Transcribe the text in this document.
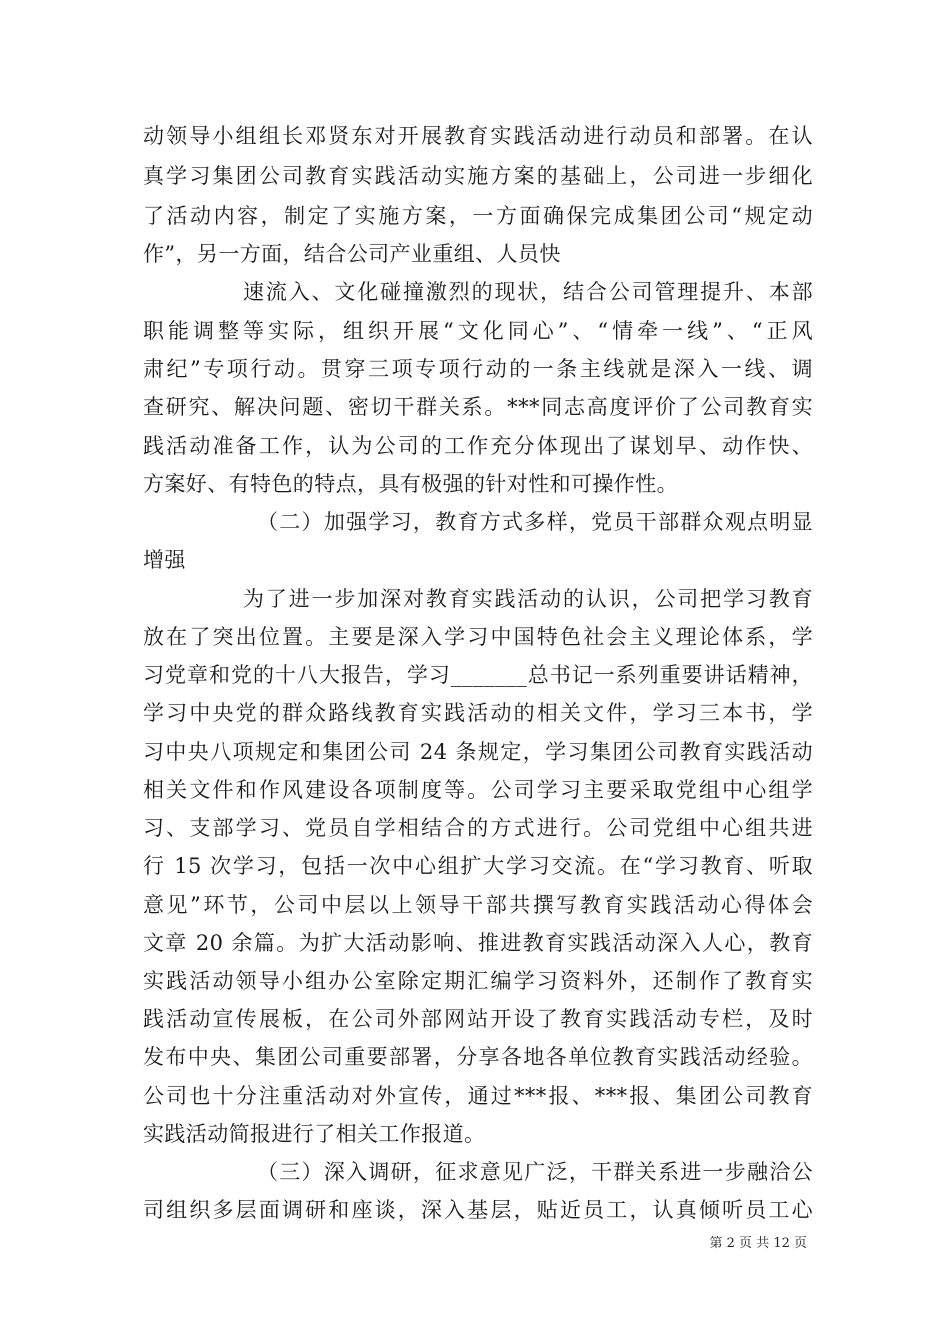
动领导小组组长邓贤东对开展教育实践活动进行动员和部署。在认
真学习集团公司教育实践活动实施方案的基础上，公司进一步细化
了活动内容，制定了实施方案，一方面确保完成集团公司“规定动
作”，另一方面，结合公司产业重组、人员快
速流入、文化碰撞激烈的现状，结合公司管理提升、本部
职能调整等实际，组织开展“文化同心”、“情牵一线”、“正风
肃纪”专项行动。贯穿三项专项行动的一条主线就是深入一线、调
查研究、解决问题、密切干群关系。***同志高度评价了公司教育实
践活动准备工作，认为公司的工作充分体现出了谋划早、动作快、
方案好、有特色的特点，具有极强的针对性和可操作性。
（二）加强学习，教育方式多样，党员干部群众观点明显
增强
为了进一步加深对教育实践活动的认识，公司把学习教育
放在了突出位置。主要是深入学习中国特色社会主义理论体系，学
习党章和党的十八大报告，学习_______总书记一系列重要讲话精神，
学习中央党的群众路线教育实践活动的相关文件，学习三本书，学
习中央八项规定和集团公司 24 条规定，学习集团公司教育实践活动
相关文件和作风建设各项制度等。公司学习主要采取党组中心组学
习、支部学习、党员自学相结合的方式进行。公司党组中心组共进
行 15 次学习，包括一次中心组扩大学习交流。在“学习教育、听取
意见”环节，公司中层以上领导干部共撰写教育实践活动心得体会
文章 20 余篇。为扩大活动影响、推进教育实践活动深入人心，教育
实践活动领导小组办公室除定期汇编学习资料外，还制作了教育实
践活动宣传展板，在公司外部网站开设了教育实践活动专栏，及时
发布中央、集团公司重要部署，分享各地各单位教育实践活动经验。
公司也十分注重活动对外宣传，通过***报、***报、集团公司教育
实践活动简报进行了相关工作报道。
（三）深入调研，征求意见广泛，干群关系进一步融洽公
司组织多层面调研和座谈，深入基层，贴近员工，认真倾听员工心
第 2 页 共 12 页
